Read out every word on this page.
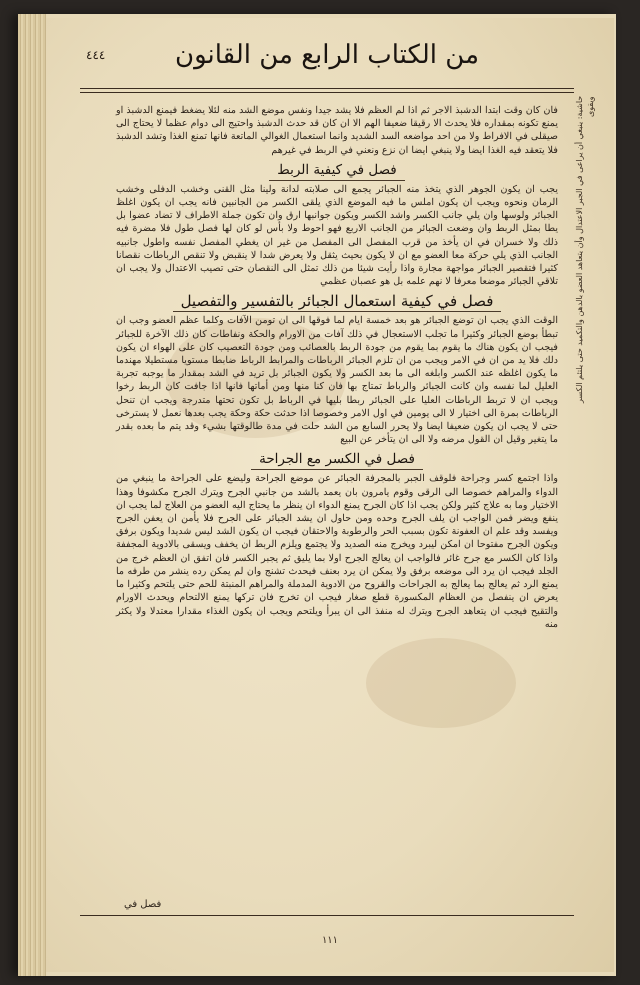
من الكتاب الرابع من القانون
٤٤٤
حاشية: ينبغي أن يراعى في الجبر الاعتدال وأن يتعاهد العضو بالدهن والتكميد حتى يلتئم الكسر ويقوى

فان كان وقت ابتدا الدشبذ الاجر ثم اذا لم العظم فلا يشد جيدا ونفس موضع الشد منه لئلا يضغط فيمنع الدشبذ او يمنع تكونه بمقداره فلا يحدث الا رقيقا ضعيفا الهم الا ان كان قد حدث الدشبذ واحتيج الى دوام عظما لا يحتاج الى صيقلى في الافراط ولا من احد مواضعه السد الشديد وانما استعمال الغوالي الماتعة فانها تمنع الغذا وتشد الدشبذ فلا يتعقد فيه الغذا ايضا ولا ينبغي ايضا ان نزع ونعني في الربط في غيرهم

فصل في كيفية الربط

يجب ان يكون الجوهر الذي يتخذ منه الجبائر يجمع الى صلابته لدانة ولينا مثل القنى وخشب الدفلى وخشب الرمان ونحوه ويجب ان يكون املس ما فيه الموضع الذي يلقى الكسر من الجانبين فانه يجب ان يكون اغلظ الجبائر ولوسها وان يلي جانب الكسر واشد الكسر ويكون جوانبها ارق وان تكون جملة الاطراف لا تضاد عضوا بل يطا بمثل الربط وان وضعت الجبائر من الجانب الاربع فهو احوط ولا بأس لو كان لها فصل طول فلا مضرة فيه ذلك ولا خسران في ان يأخذ من قرب المفصل الى المفصل من غير ان يغطي المفصل نفسه واطول جانبيه الجانب الذي يلي حركة معا العضو مع ان لا يكون بحيث يثقل ولا يعرض شدا لا ينقبض ولا تنقص الرباطات نقصانا كثيرا فتقصير الجبائر مواجهة مجارة واذا رأيت شيئا من ذلك تمثل الى النقصان حتى تصيب الاعتدال ولا يجب ان تلاقي الجبائر موضعا معرفا لا نهم علمه بل هو عصبان عظمي

فصل في كيفية استعمال الجبائر بالتفسير والتفصيل

الوقت الذي يجب ان توضع الجبائر هو بعد خمسة ايام لما فوقها الى ان تومن الآفات وكلما عظم العضو وجب ان تبطأ بوضع الجبائر وكثيرا ما تجلب الاستعجال في ذلك آفات من الاورام والحكة ونفاطات كان ذلك الآخرة للجبائر فيجب ان يكون هناك ما يقوم بما يقوم من جودة الربط بالعصائب ومن جودة التعصيب كان على الهواء ان يكون دلك فلا يد من ان في الامر ويجب من ان تلزم الجبائر الرباطات والمرابط الرباط ضابطا مستويا مستطيلا مهندما ما يكون اغلظه عند الكسر وابلغه الى ما بعد الكسر ولا يكون الجبائر بل تريد في الشد بمقدار ما يوجبه تجربة العليل لما نفسه وان كانت الجبائر والرباط تمتاج بها فان كنا منها ومن أماتها فانها اذا جافت كان الربط رخوا ويجب ان لا تربط الرباطات العليا على الجبائر ربطا بليها في الرباط بل تكون تحتها متدرجة ويجب ان تنحل الرباطات بمرة الى اختيار لا الى يومين في اول الامر وخصوصا اذا حدثت حكة وحكة يجب بعدها نعمل لا يسترخى حتى لا يجب ان يكون ضعيفا ايضا ولا يحرر السابع من الشد حلت في مدة طالوقتها بشيء وقد يتم ما بعده بقدر ما يتغير وقيل ان القول مرضه ولا الى ان يتأخر عن البيع

فصل في الكسر مع الجراحة

واذا اجتمع كسر وجراحة فلوقف الجبر بالمجرفة الجبائر عن موضع الجراحة وليضع على الجراحة ما ينبغي من الدواء والمراهم خصوصا الى الرقى وقوم يامرون بان يعمد بالشد من جانبي الجرح ويترك الجرح مكشوفا وهذا الاختيار وما به علاج كثير ولكن يجب اذا كان الجرح يمنع الدواء ان ينظر ما يحتاج اليه العضو من العلاج لما يجب ان ينفع ويضر فمن الواجب ان يلف الجرح وحده ومن حاول ان يشد الجبائر على الجرح فلا يأمن ان يعفن الجرح ويفسد وقد علم ان العفونة تكون بسبب الحر والرطوبة والاحتقان فيجب ان يكون الشد ليس شديدا ويكون برفق ويكون الجرح مفتوحا ان امكن ليبرد ويخرج منه الصديد ولا يجتمع ويلزم الربط ان يخفف ويسقى بالادوية المجففة واذا كان الكسر مع جرح غائر فالواجب ان يعالج الجرح اولا بما يليق ثم يجبر الكسر فان اتفق ان العظم خرج من الجلد فيجب ان يرد الى موضعه برفق ولا يمكن ان يرد بعنف فيحدث تشنج وان لم يمكن رده ينشر من طرفه ما يمنع الرد ثم يعالج بما يعالج به الجراحات والقروح من الادوية المدملة والمراهم المنبتة للحم حتى يلتحم وكثيرا ما يعرض ان ينفصل من العظام المكسورة قطع صغار فيجب ان تخرج فان تركها يمنع الالتحام ويحدث الاورام والتقيح فيجب ان يتعاهد الجرح ويترك له منفذ الى ان يبرأ ويلتحم ويجب ان يكون الغذاء مقدارا معتدلا ولا يكثر منه

فصل في
١١١
